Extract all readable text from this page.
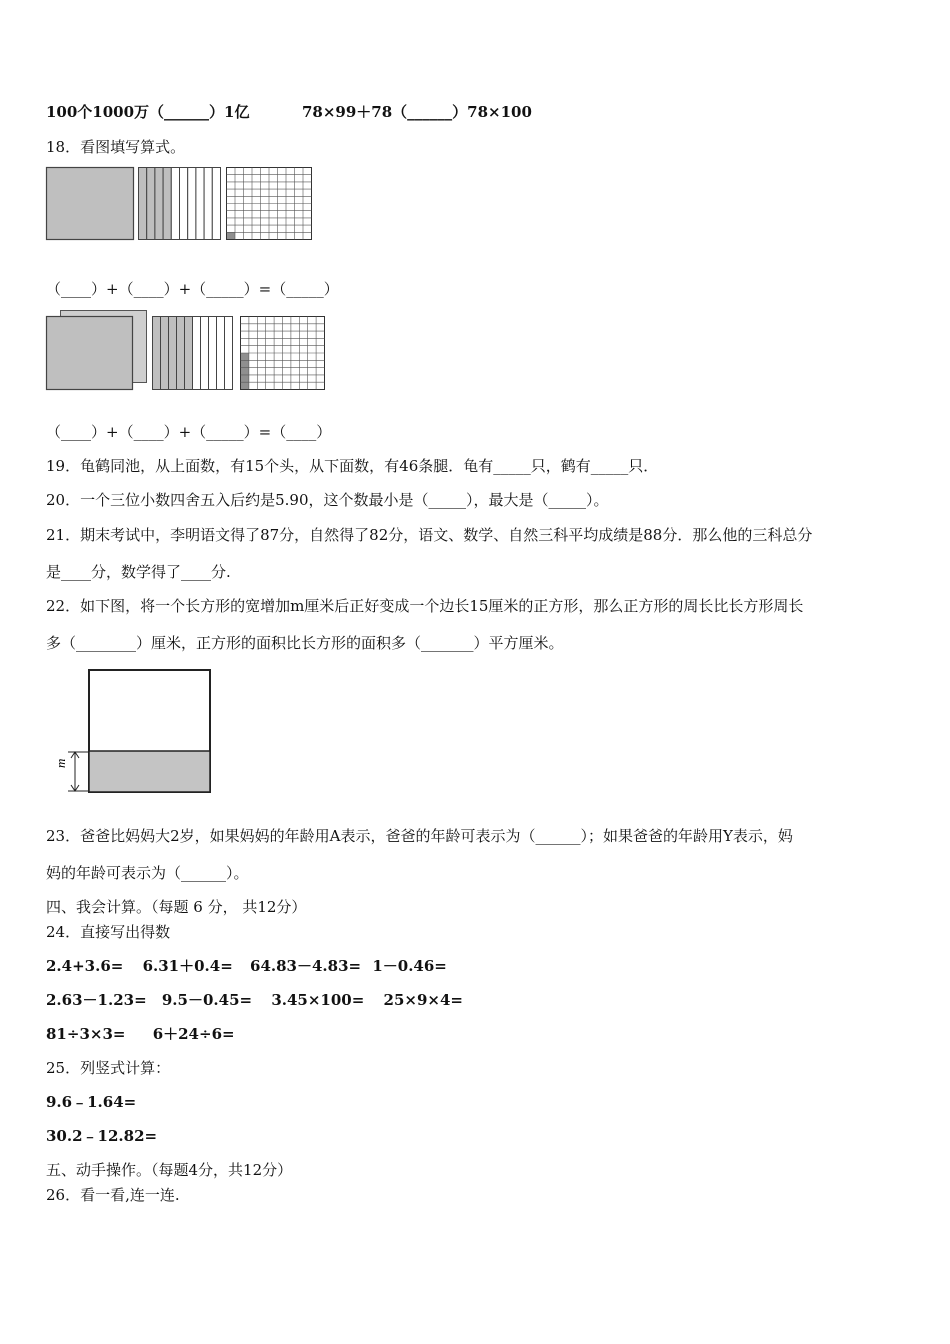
100个1000万（______）1亿	78×99＋78（______）78×100
18．看图填写算式。
（____）+（____）+（_____）=（_____）
（____）+（____）+（_____）=（____）
19．龟鹤同池，从上面数，有15个头，从下面数，有46条腿．龟有_____只，鹤有_____只．
20．一个三位小数四舍五入后约是5.90，这个数最小是（_____），最大是（_____）。
21．期末考试中，李明语文得了87分，自然得了82分，语文、数学、自然三科平均成绩是88分．那么他的三科总分
是____分，数学得了____分.
22．如下图，将一个长方形的宽增加m厘米后正好变成一个边长15厘米的正方形，那么正方形的周长比长方形周长
多（________）厘米，正方形的面积比长方形的面积多（_______）平方厘米。
m
23．爸爸比妈妈大2岁，如果妈妈的年龄用A表示，爸爸的年龄可表示为（______）；如果爸爸的年龄用Y表示，妈
妈的年龄可表示为（______）。
四、我会计算。（每题 6 分， 共12分）
24．直接写出得数
2.4+3.6= 6.31＋0.4= 64.83－4.83= 1－0.46=
2.63－1.23= 9.5－0.45= 3.45×100= 25×9×4=
81÷3×3= 6＋24÷6=
25．列竖式计算：
9.6﹣1.64=
30.2﹣12.82=
五、动手操作。（每题4分，共12分）
26．看一看,连一连.
